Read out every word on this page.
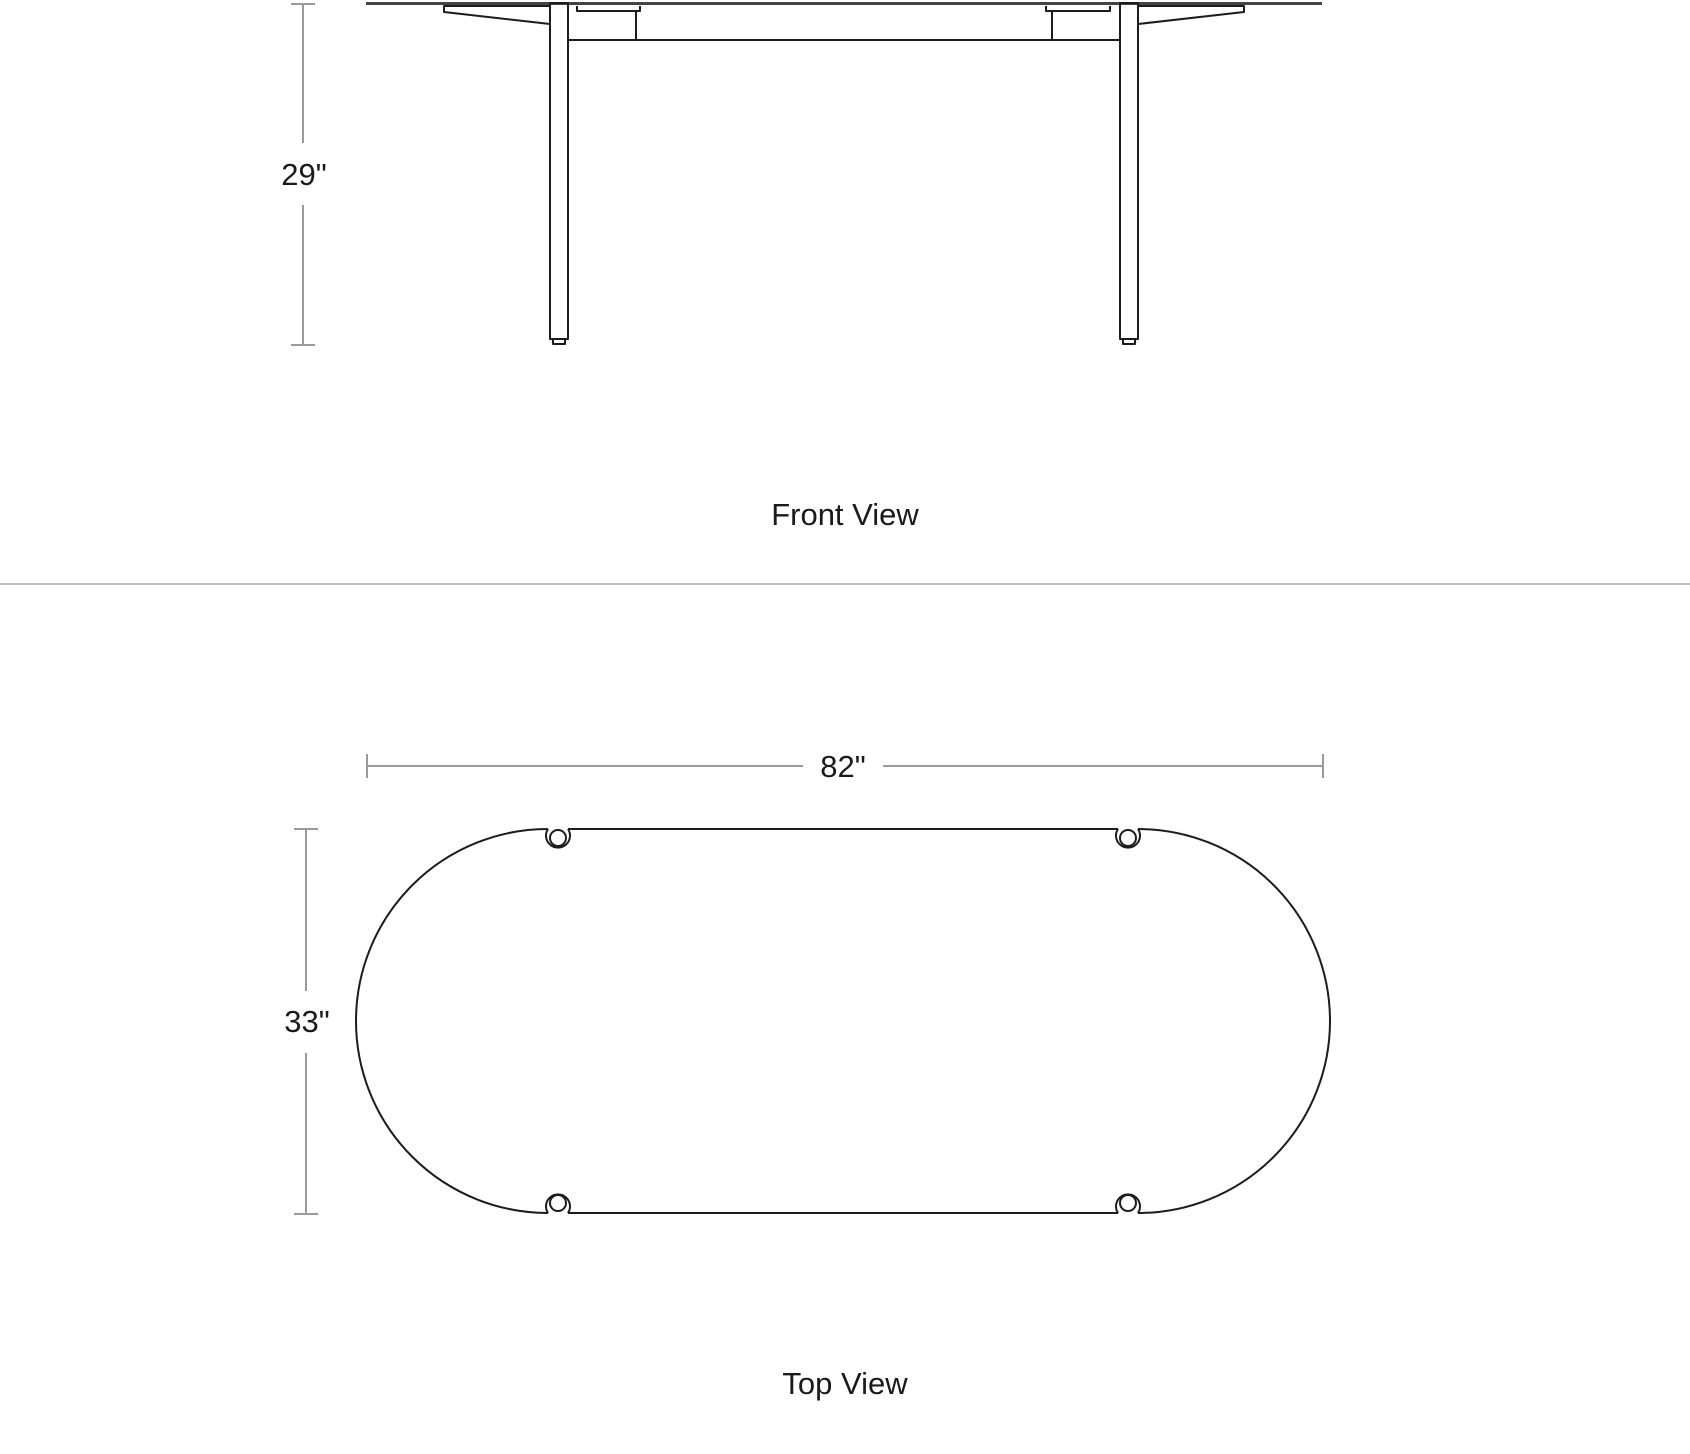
29"
Front View
82"
33"
Top View
